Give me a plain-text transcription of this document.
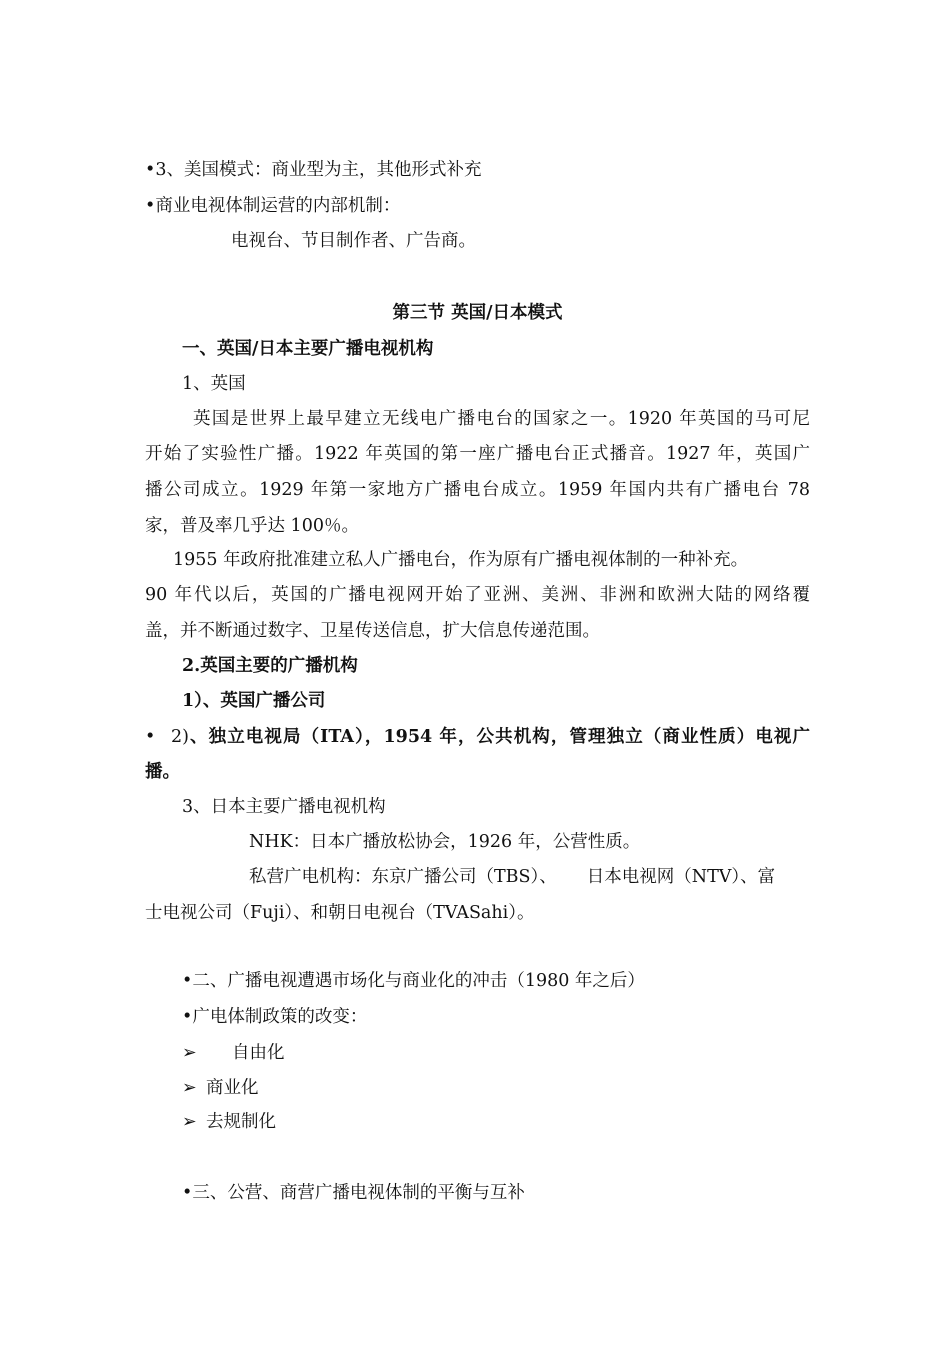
•3、美国模式：商业型为主，其他形式补充
•商业电视体制运营的内部机制：
电视台、节目制作者、广告商。
第三节 英国/日本模式
一、英国/日本主要广播电视机构
1、英国
英国是世界上最早建立无线电广播电台的国家之一。1920 年英国的马可尼
开始了实验性广播。1922 年英国的第一座广播电台正式播音。1927 年，英国广
播公司成立。1929 年第一家地方广播电台成立。1959 年国内共有广播电台 78
家，普及率几乎达 100％。
1955 年政府批准建立私人广播电台，作为原有广播电视体制的一种补充。
90 年代以后，英国的广播电视网开始了亚洲、美洲、非洲和欧洲大陆的网络覆
盖，并不断通过数字、卫星传送信息，扩大信息传递范围。
2.英国主要的广播机构
1）、英国广播公司
• 2)、独立电视局（ITA），1954 年，公共机构，管理独立（商业性质）电视广
播。
3、日本主要广播电视机构
NHK：日本广播放松协会，1926 年，公营性质。
私营广电机构：东京广播公司（TBS）、 日本电视网（NTV）、富
士电视公司（Fuji）、和朝日电视台（TVASahi）。
•二、广播电视遭遇市场化与商业化的冲击（1980 年之后）
•广电体制政策的改变：
➢ 自由化
➢ 商业化
➢ 去规制化
•三、公营、商营广播电视体制的平衡与互补
